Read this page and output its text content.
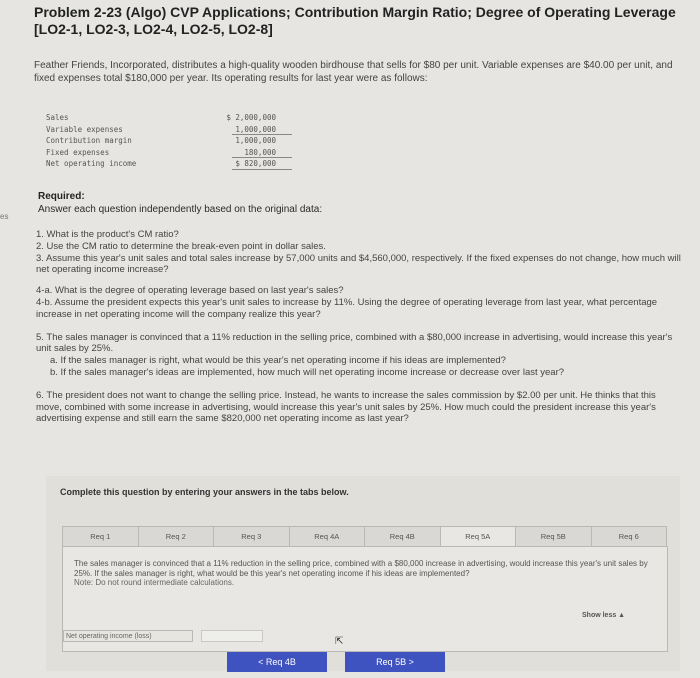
es
Problem 2-23 (Algo) CVP Applications; Contribution Margin Ratio; Degree of Operating Leverage [LO2-1, LO2-3, LO2-4, LO2-5, LO2-8]
Feather Friends, Incorporated, distributes a high-quality wooden birdhouse that sells for $80 per unit. Variable expenses are $40.00 per unit, and fixed expenses total $180,000 per year. Its operating results for last year were as follows:
Sales	$ 2,000,000
Variable expenses	1,000,000
Contribution margin	1,000,000
Fixed expenses	180,000
Net operating income	$ 820,000
Required:
Answer each question independently based on the original data:

1. What is the product's CM ratio?

2. Use the CM ratio to determine the break-even point in dollar sales.

3. Assume this year's unit sales and total sales increase by 57,000 units and $4,560,000, respectively. If the fixed expenses do not change, how much will net operating income increase?

4-a. What is the degree of operating leverage based on last year's sales?

4-b. Assume the president expects this year's unit sales to increase by 11%. Using the degree of operating leverage from last year, what percentage increase in net operating income will the company realize this year?

5. The sales manager is convinced that a 11% reduction in the selling price, combined with a $80,000 increase in advertising, would increase this year's unit sales by 25%.

a. If the sales manager is right, what would be this year's net operating income if his ideas are implemented?

b. If the sales manager's ideas are implemented, how much will net operating income increase or decrease over last year?

6. The president does not want to change the selling price. Instead, he wants to increase the sales commission by $2.00 per unit. He thinks that this move, combined with some increase in advertising, would increase this year's unit sales by 25%. How much could the president increase this year's advertising expense and still earn the same $820,000 net operating income as last year?

Complete this question by entering your answers in the tabs below.
Req 1	Req 2	Req 3	Req 4A	Req 4B	Req 5A	Req 5B	Req 6
The sales manager is convinced that a 11% reduction in the selling price, combined with a $80,000 increase in advertising, would increase this year's unit sales by 25%. If the sales manager is right, what would be this year's net operating income if his ideas are implemented?
Note: Do not round intermediate calculations.
Show less ▲
Net operating income (loss)	⇱
< Req 4B	Req 5B >
